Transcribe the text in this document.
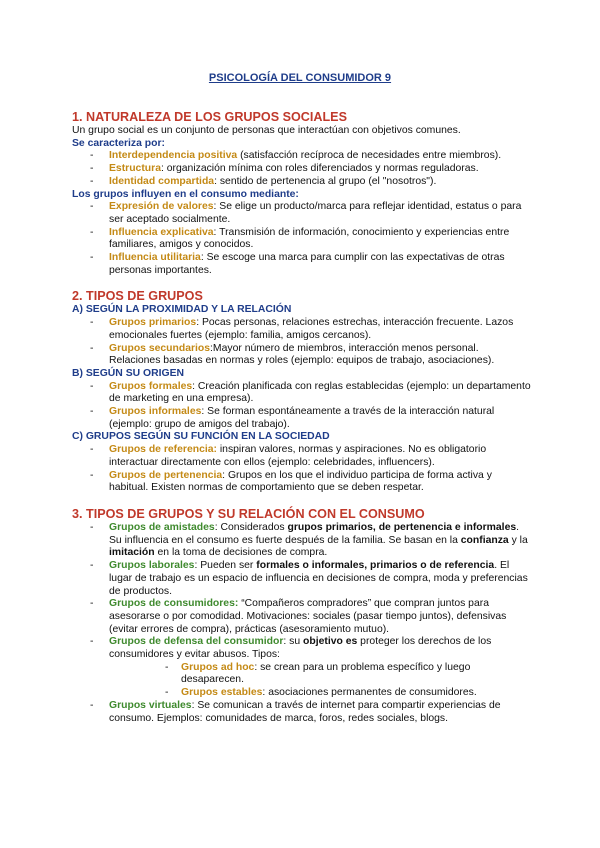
PSICOLOGÍA DEL CONSUMIDOR 9
1. NATURALEZA DE LOS GRUPOS SOCIALES
Un grupo social es un conjunto de personas que interactúan con objetivos comunes.
Se caracteriza por:
- Interdependencia positiva (satisfacción recíproca de necesidades entre miembros).
- Estructura: organización mínima con roles diferenciados y normas reguladoras.
- Identidad compartida: sentido de pertenencia al grupo (el "nosotros").
Los grupos influyen en el consumo mediante:
- Expresión de valores: Se elige un producto/marca para reflejar identidad, estatus o para ser aceptado socialmente.
- Influencia explicativa: Transmisión de información, conocimiento y experiencias entre familiares, amigos y conocidos.
- Influencia utilitaria: Se escoge una marca para cumplir con las expectativas de otras personas importantes.
2. TIPOS DE GRUPOS
A) SEGÚN LA PROXIMIDAD Y LA RELACIÓN
- Grupos primarios: Pocas personas, relaciones estrechas, interacción frecuente. Lazos emocionales fuertes (ejemplo: familia, amigos cercanos).
- Grupos secundarios:Mayor número de miembros, interacción menos personal. Relaciones basadas en normas y roles (ejemplo: equipos de trabajo, asociaciones).
B) SEGÚN SU ORIGEN
- Grupos formales: Creación planificada con reglas establecidas (ejemplo: un departamento de marketing en una empresa).
- Grupos informales: Se forman espontáneamente a través de la interacción natural (ejemplo: grupo de amigos del trabajo).
C) GRUPOS SEGÚN SU FUNCIÓN EN LA SOCIEDAD
- Grupos de referencia: inspiran valores, normas y aspiraciones. No es obligatorio interactuar directamente con ellos (ejemplo: celebridades, influencers).
- Grupos de pertenencia: Grupos en los que el individuo participa de forma activa y habitual. Existen normas de comportamiento que se deben respetar.
3. TIPOS DE GRUPOS Y SU RELACIÓN CON EL CONSUMO
- Grupos de amistades: Considerados grupos primarios, de pertenencia e informales. Su influencia en el consumo es fuerte después de la familia. Se basan en la confianza y la imitación en la toma de decisiones de compra.
- Grupos laborales: Pueden ser formales o informales, primarios o de referencia. El lugar de trabajo es un espacio de influencia en decisiones de compra, moda y preferencias de productos.
- Grupos de consumidores: “Compañeros compradores” que compran juntos para asesorarse o por comodidad. Motivaciones: sociales (pasar tiempo juntos), defensivas (evitar errores de compra), prácticas (asesoramiento mutuo).
- Grupos de defensa del consumidor: su objetivo es proteger los derechos de los consumidores y evitar abusos. Tipos:
- Grupos ad hoc: se crean para un problema específico y luego desaparecen.
- Grupos estables: asociaciones permanentes de consumidores.
- Grupos virtuales: Se comunican a través de internet para compartir experiencias de consumo. Ejemplos: comunidades de marca, foros, redes sociales, blogs.
